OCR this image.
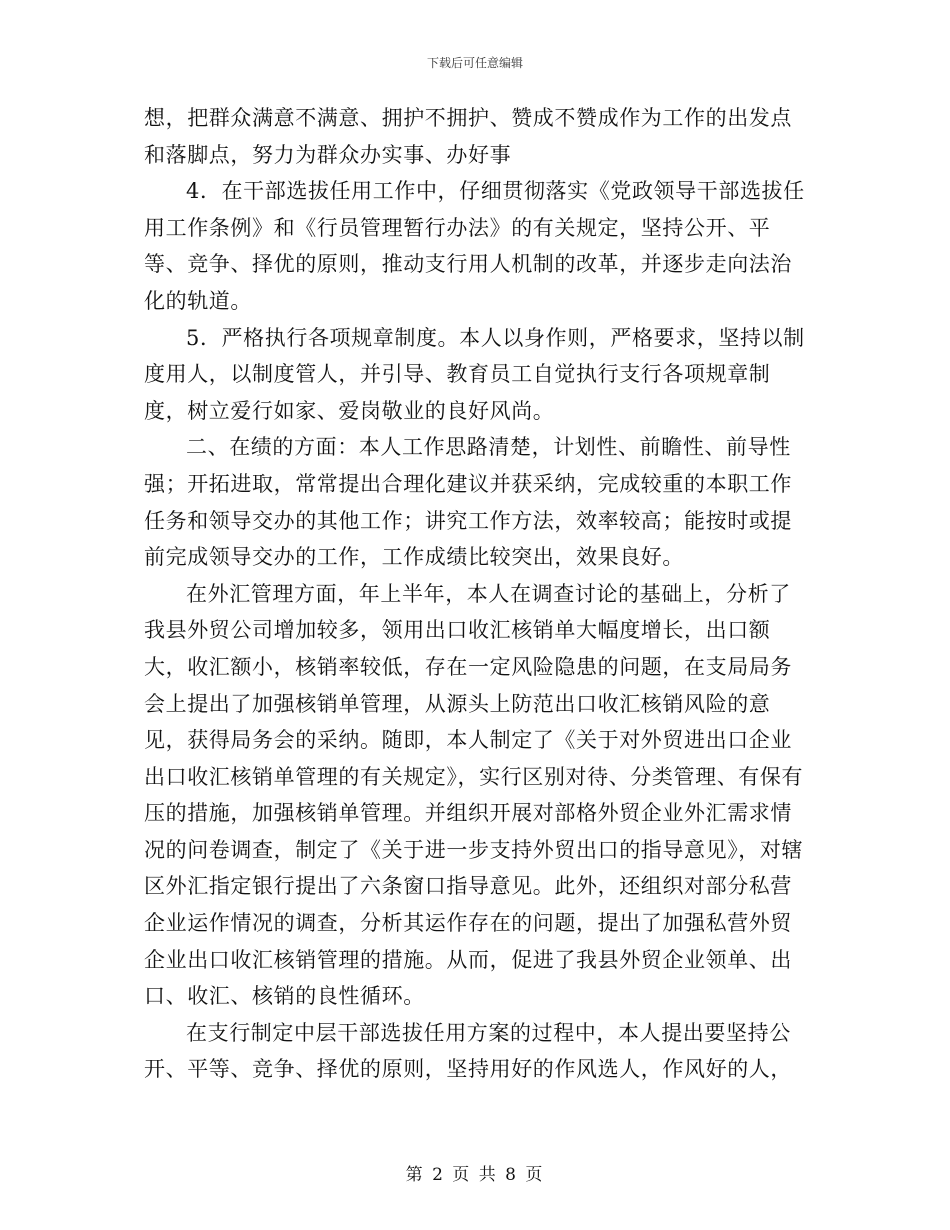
下载后可任意编辑

想，把群众满意不满意、拥护不拥护、赞成不赞成作为工作的出发点和落脚点，努力为群众办实事、办好事

4．在干部选拔任用工作中，仔细贯彻落实《党政领导干部选拔任用工作条例》和《行员管理暂行办法》的有关规定，坚持公开、平等、竞争、择优的原则，推动支行用人机制的改革，并逐步走向法治化的轨道。

5．严格执行各项规章制度。本人以身作则，严格要求，坚持以制度用人，以制度管人，并引导、教育员工自觉执行支行各项规章制度，树立爱行如家、爱岗敬业的良好风尚。

二、在绩的方面：本人工作思路清楚，计划性、前瞻性、前导性强；开拓进取，常常提出合理化建议并获采纳，完成较重的本职工作任务和领导交办的其他工作；讲究工作方法，效率较高；能按时或提前完成领导交办的工作，工作成绩比较突出，效果良好。

在外汇管理方面，年上半年，本人在调查讨论的基础上，分析了我县外贸公司增加较多，领用出口收汇核销单大幅度增长，出口额大，收汇额小，核销率较低，存在一定风险隐患的问题，在支局局务会上提出了加强核销单管理，从源头上防范出口收汇核销风险的意见，获得局务会的采纳。随即，本人制定了《关于对外贸进出口企业出口收汇核销单管理的有关规定》，实行区别对待、分类管理、有保有压的措施，加强核销单管理。并组织开展对部格外贸企业外汇需求情况的问卷调查，制定了《关于进一步支持外贸出口的指导意见》，对辖区外汇指定银行提出了六条窗口指导意见。此外，还组织对部分私营企业运作情况的调查，分析其运作存在的问题，提出了加强私营外贸企业出口收汇核销管理的措施。从而，促进了我县外贸企业领单、出口、收汇、核销的良性循环。

在支行制定中层干部选拔任用方案的过程中，本人提出要坚持公开、平等、竞争、择优的原则，坚持用好的作风选人，作风好的人，

第 2 页 共 8 页
